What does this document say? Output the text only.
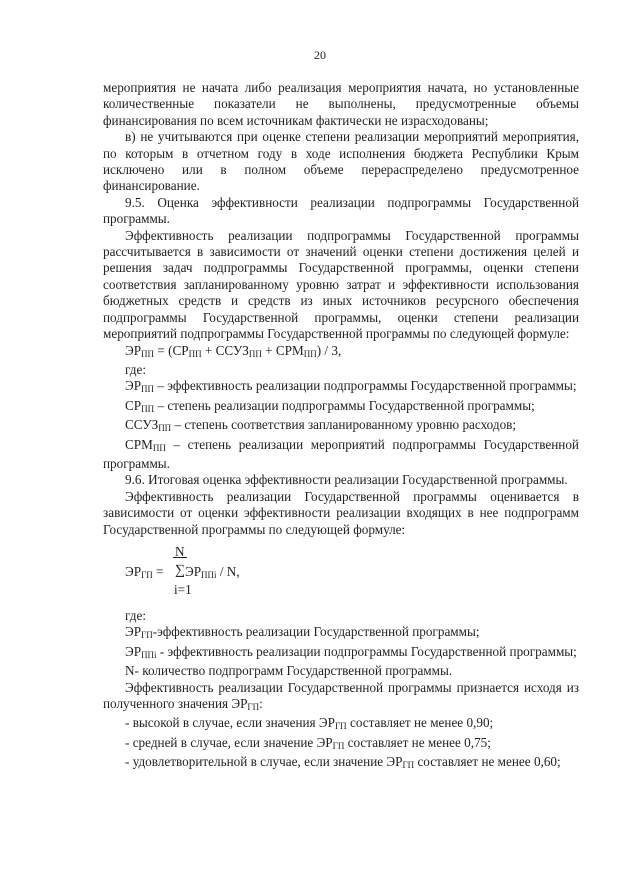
20

мероприятия не начата либо реализация мероприятия начата, но установленные количественные показатели не выполнены, предусмотренные объемы финансирования по всем источникам фактически не израсходованы;

в) не учитываются при оценке степени реализации мероприятий мероприятия, по которым в отчетном году в ходе исполнения бюджета Республики Крым исключено или в полном объеме перераспределено предусмотренное финансирование.

9.5. Оценка эффективности реализации подпрограммы Государственной программы.

Эффективность реализации подпрограммы Государственной программы рассчитывается в зависимости от значений оценки степени достижения целей и решения задач подпрограммы Государственной программы, оценки степени соответствия запланированному уровню затрат и эффективности использования бюджетных средств и средств из иных источников ресурсного обеспечения подпрограммы Государственной программы, оценки степени реализации мероприятий подпрограммы Государственной программы по следующей формуле:

$ЭР_{ПП} = (СР_{ПП}$ + $ССУЗ_{ПП} + СРМ_{ПП}) / 3$,

где:

$ЭР_{ПП}$ – эффективность реализации подпрограммы Государственной программы;

$СР_{ПП}$ – степень реализации подпрограммы Государственной программы;

$ССУЗ_{ПП}$ – степень соответствия запланированному уровню расходов;

$СРМ_{ПП}$ – степень реализации мероприятий подпрограммы Государственной программы.

9.6. Итоговая оценка эффективности реализации Государственной программы.

Эффективность реализации Государственной программы оценивается в зависимости от оценки эффективности реализации входящих в нее подпрограмм Государственной программы по следующей формуле:

N
$ЭР_{ГП}$ = ∑ $ЭР_{ППi}$ / N,
i=1

где:

$ЭР_{ГП}$-эффективность реализации Государственной программы;

$ЭР_{ППi}$ - эффективность реализации подпрограммы Государственной программы;

N- количество подпрограмм Государственной программы.

Эффективность реализации Государственной программы признается исходя из полученного значения $ЭР_{ГП}$:

- высокой в случае, если значения $ЭР_{ГП}$ составляет не менее 0,90;

- средней в случае, если значение $ЭР_{ГП}$ составляет не менее 0,75;

- удовлетворительной в случае, если значение $ЭР_{ГП}$ составляет не менее 0,60;
